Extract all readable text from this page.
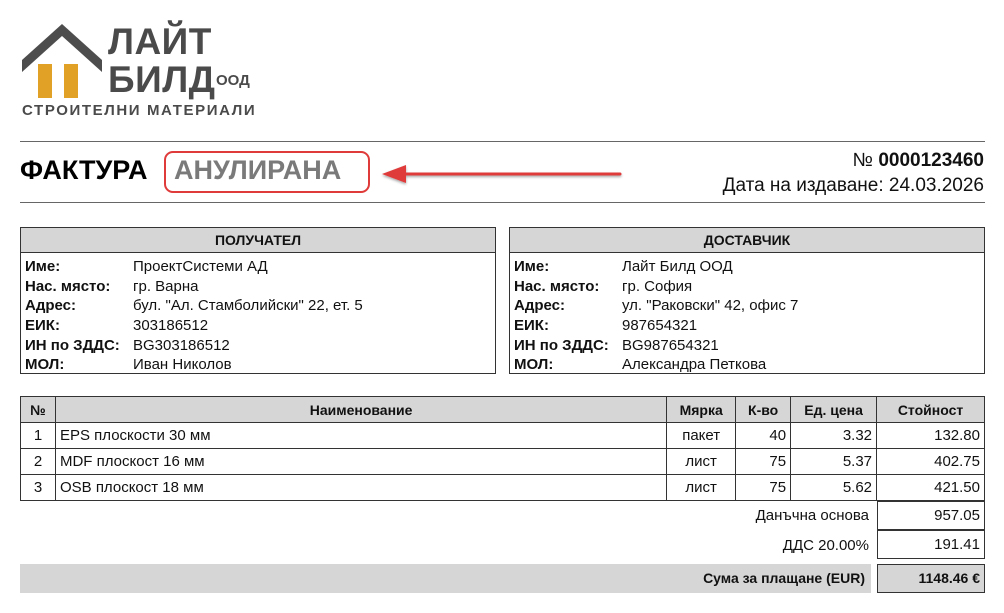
ЛАЙТ
БИЛД ООД
СТРОИТЕЛНИ МАТЕРИАЛИ
ФАКТУРА АНУЛИРАНА	№ 0000123460
Дата на издаване: 24.03.2026
ПОЛУЧАТЕЛ
Име:	ПроектСистеми АД
Нас. място:	гр. Варна
Адрес:	бул. "Ал. Стамболийски" 22, ет. 5
ЕИК:	303186512
ИН по ЗДДС: BG303186512
МОЛ:	Иван Николов
ДОСТАВЧИК
Име:	Лайт Билд ООД
Нас. място:	гр. София
Адрес:	ул. "Раковски" 42, офис 7
ЕИК:	987654321
ИН по ЗДДС: BG987654321
МОЛ:	Александра Петкова
№	Наименование	Мярка	К-во	Ед. цена	Стойност
1	EPS плоскости 30 мм	пакет	40	3.32	132.80
2	MDF плоскост 16 мм	лист	75	5.37	402.75
3	OSB плоскост 18 мм	лист	75	5.62	421.50
Данъчна основа	957.05
ДДС 20.00%	191.41
Сума за плащане (EUR)	1148.46 €
